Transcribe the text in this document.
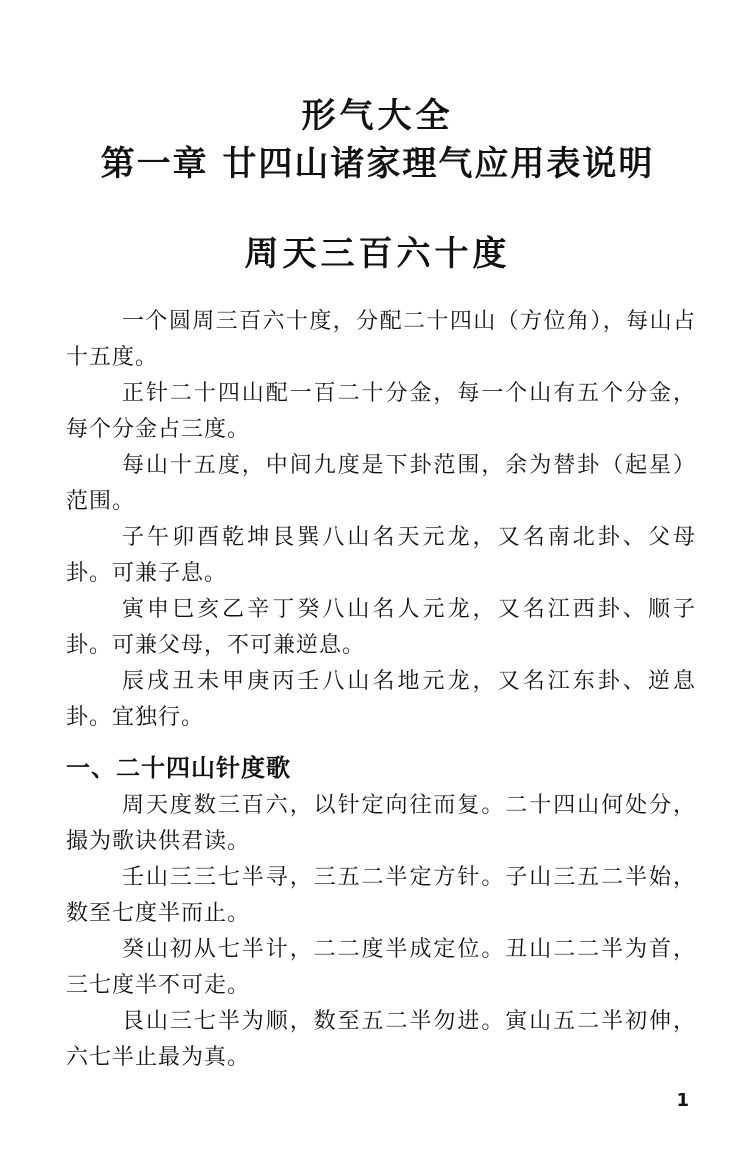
形气大全
第一章 廿四山诸家理气应用表说明
周天三百六十度

一个圆周三百六十度，分配二十四山（方位角），每山占十五度。

正针二十四山配一百二十分金，每一个山有五个分金，每个分金占三度。

每山十五度，中间九度是下卦范围，余为替卦（起星）范围。

子午卯酉乾坤艮巽八山名天元龙，又名南北卦、父母卦。可兼子息。

寅申巳亥乙辛丁癸八山名人元龙，又名江西卦、顺子卦。可兼父母，不可兼逆息。

辰戌丑未甲庚丙壬八山名地元龙，又名江东卦、逆息卦。宜独行。

一、二十四山针度歌

周天度数三百六，以针定向往而复。二十四山何处分，撮为歌诀供君读。

壬山三三七半寻，三五二半定方针。子山三五二半始，数至七度半而止。

癸山初从七半计，二二度半成定位。丑山二二半为首，三七度半不可走。

艮山三七半为顺，数至五二半勿进。寅山五二半初伸，六七半止最为真。

1
